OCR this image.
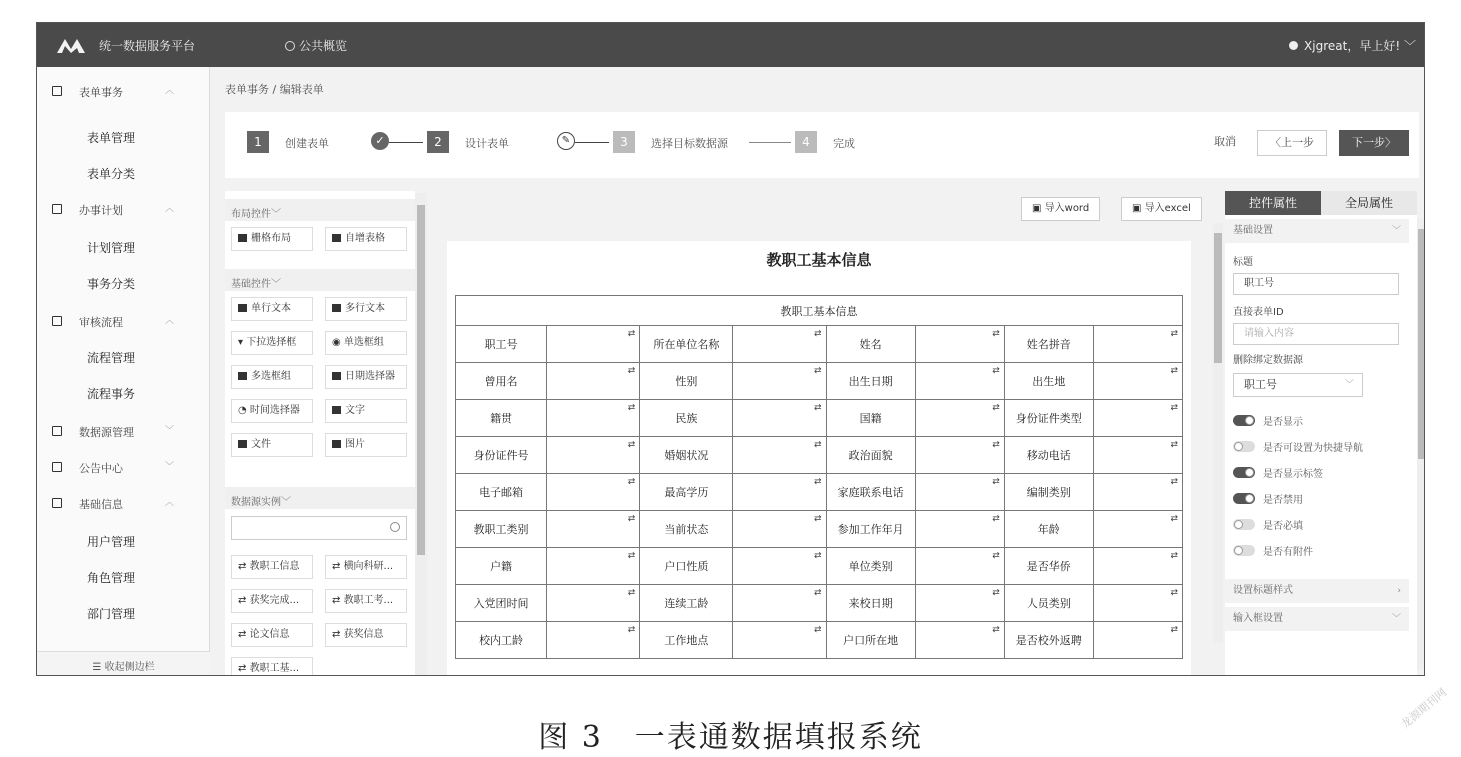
统一数据服务平台	公共概览	Xjgreat，早上好! ﹀
表单事务	︿
表单管理
表单分类
办事计划	︿
计划管理
事务分类
审核流程	︿
流程管理
流程事务
数据源管理	﹀
公告中心	﹀
基础信息	︿
用户管理
角色管理
部门管理
☰ 收起侧边栏
表单事务 / 编辑表单
1	创建表单	✓	2	设计表单	✎	3	选择目标数据源	4	完成	取消	〈上一步	下一步〉
布局控件﹀
栅格布局	自增表格
基础控件﹀
单行文本	多行文本
▾ 下拉选择框	◉ 单选框组
多选框组	日期选择器
◔ 时间选择器	文字
文件	图片
数据源实例﹀
⇄ 教职工信息	⇄ 横向科研...
⇄ 获奖完成...	⇄ 教职工考...
⇄ 论文信息	⇄ 获奖信息
⇄ 教职工基...
▣ 导入word	▣ 导入excel
教职工基本信息
教职工基本信息							
职工号	⇄	所在单位名称	⇄	姓名	⇄	姓名拼音	⇄

曾用名	⇄	性别	⇄	出生日期	⇄	出生地	⇄

籍贯	⇄	民族	⇄	国籍	⇄	身份证件类型	⇄

身份证件号	⇄	婚姻状况	⇄	政治面貌	⇄	移动电话	⇄

电子邮箱	⇄	最高学历	⇄	家庭联系电话	⇄	编制类别	⇄

教职工类别	⇄	当前状态	⇄	参加工作年月	⇄	年龄	⇄

户籍	⇄	户口性质	⇄	单位类别	⇄	是否华侨	⇄

入党团时间	⇄	连续工龄	⇄	来校日期	⇄	人员类别	⇄

校内工龄	⇄	工作地点	⇄	户口所在地	⇄	是否校外返聘	⇄
控件属性	全局属性
基础设置	﹀
标题
职工号
直接表单ID
请输入内容
删除绑定数据源
职工号	﹀
是否显示
是否可设置为快捷导航
是否显示标签
是否禁用
是否必填
是否有附件
设置标题样式	›
输入框设置	﹀
图 3　一表通数据填报系统
龙源期刊网
